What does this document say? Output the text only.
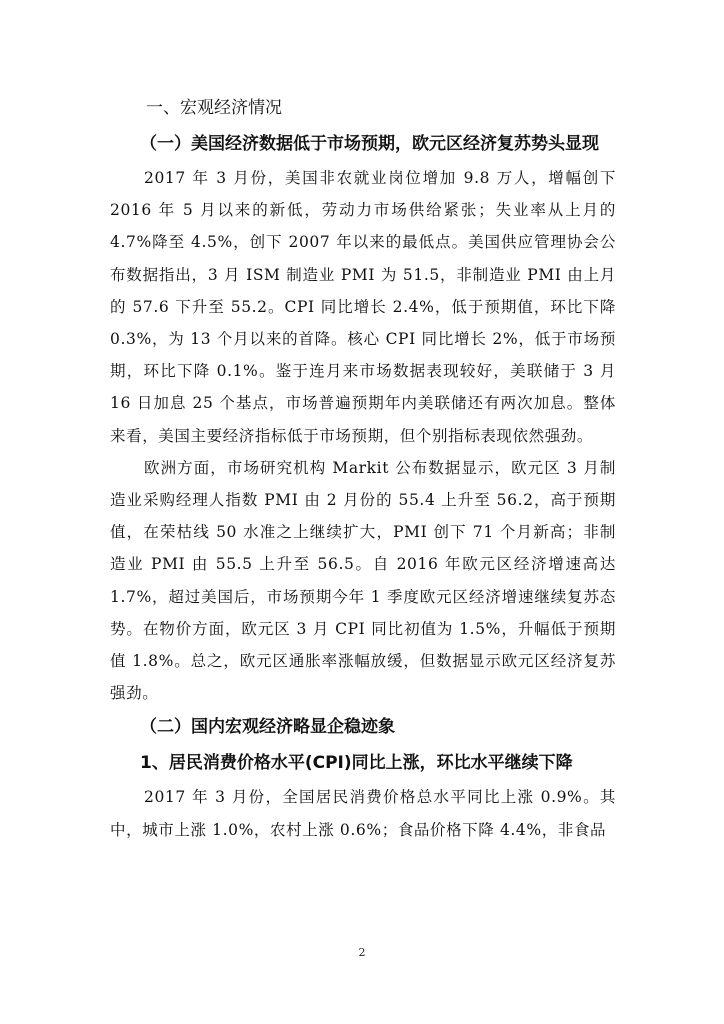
一、宏观经济情况
（一）美国经济数据低于市场预期，欧元区经济复苏势头显现

2017 年 3 月份，美国非农就业岗位增加 9.8 万人，增幅创下 2016 年 5 月以来的新低，劳动力市场供给紧张；失业率从上月的 4.7%降至 4.5%，创下 2007 年以来的最低点。美国供应管理协会公布数据指出，3 月 ISM 制造业 PMI 为 51.5，非制造业 PMI 由上月的 57.6 下升至 55.2。CPI 同比增长 2.4%，低于预期值，环比下降 0.3%，为 13 个月以来的首降。核心 CPI 同比增长 2%，低于市场预期，环比下降 0.1%。鉴于连月来市场数据表现较好，美联储于 3 月 16 日加息 25 个基点，市场普遍预期年内美联储还有两次加息。整体来看，美国主要经济指标低于市场预期，但个别指标表现依然强劲。

欧洲方面，市场研究机构 Markit 公布数据显示，欧元区 3 月制造业采购经理人指数 PMI 由 2 月份的 55.4 上升至 56.2，高于预期值，在荣枯线 50 水准之上继续扩大，PMI 创下 71 个月新高；非制造业 PMI 由 55.5 上升至 56.5。自 2016 年欧元区经济增速高达 1.7%，超过美国后，市场预期今年 1 季度欧元区经济增速继续复苏态势。在物价方面，欧元区 3 月 CPI 同比初值为 1.5%，升幅低于预期值 1.8%。总之，欧元区通胀率涨幅放缓，但数据显示欧元区经济复苏强劲。

（二）国内宏观经济略显企稳迹象
1、居民消费价格水平(CPI)同比上涨，环比水平继续下降

2017 年 3 月份，全国居民消费价格总水平同比上涨 0.9%。其中，城市上涨 1.0%，农村上涨 0.6%；食品价格下降 4.4%，非食品

2
